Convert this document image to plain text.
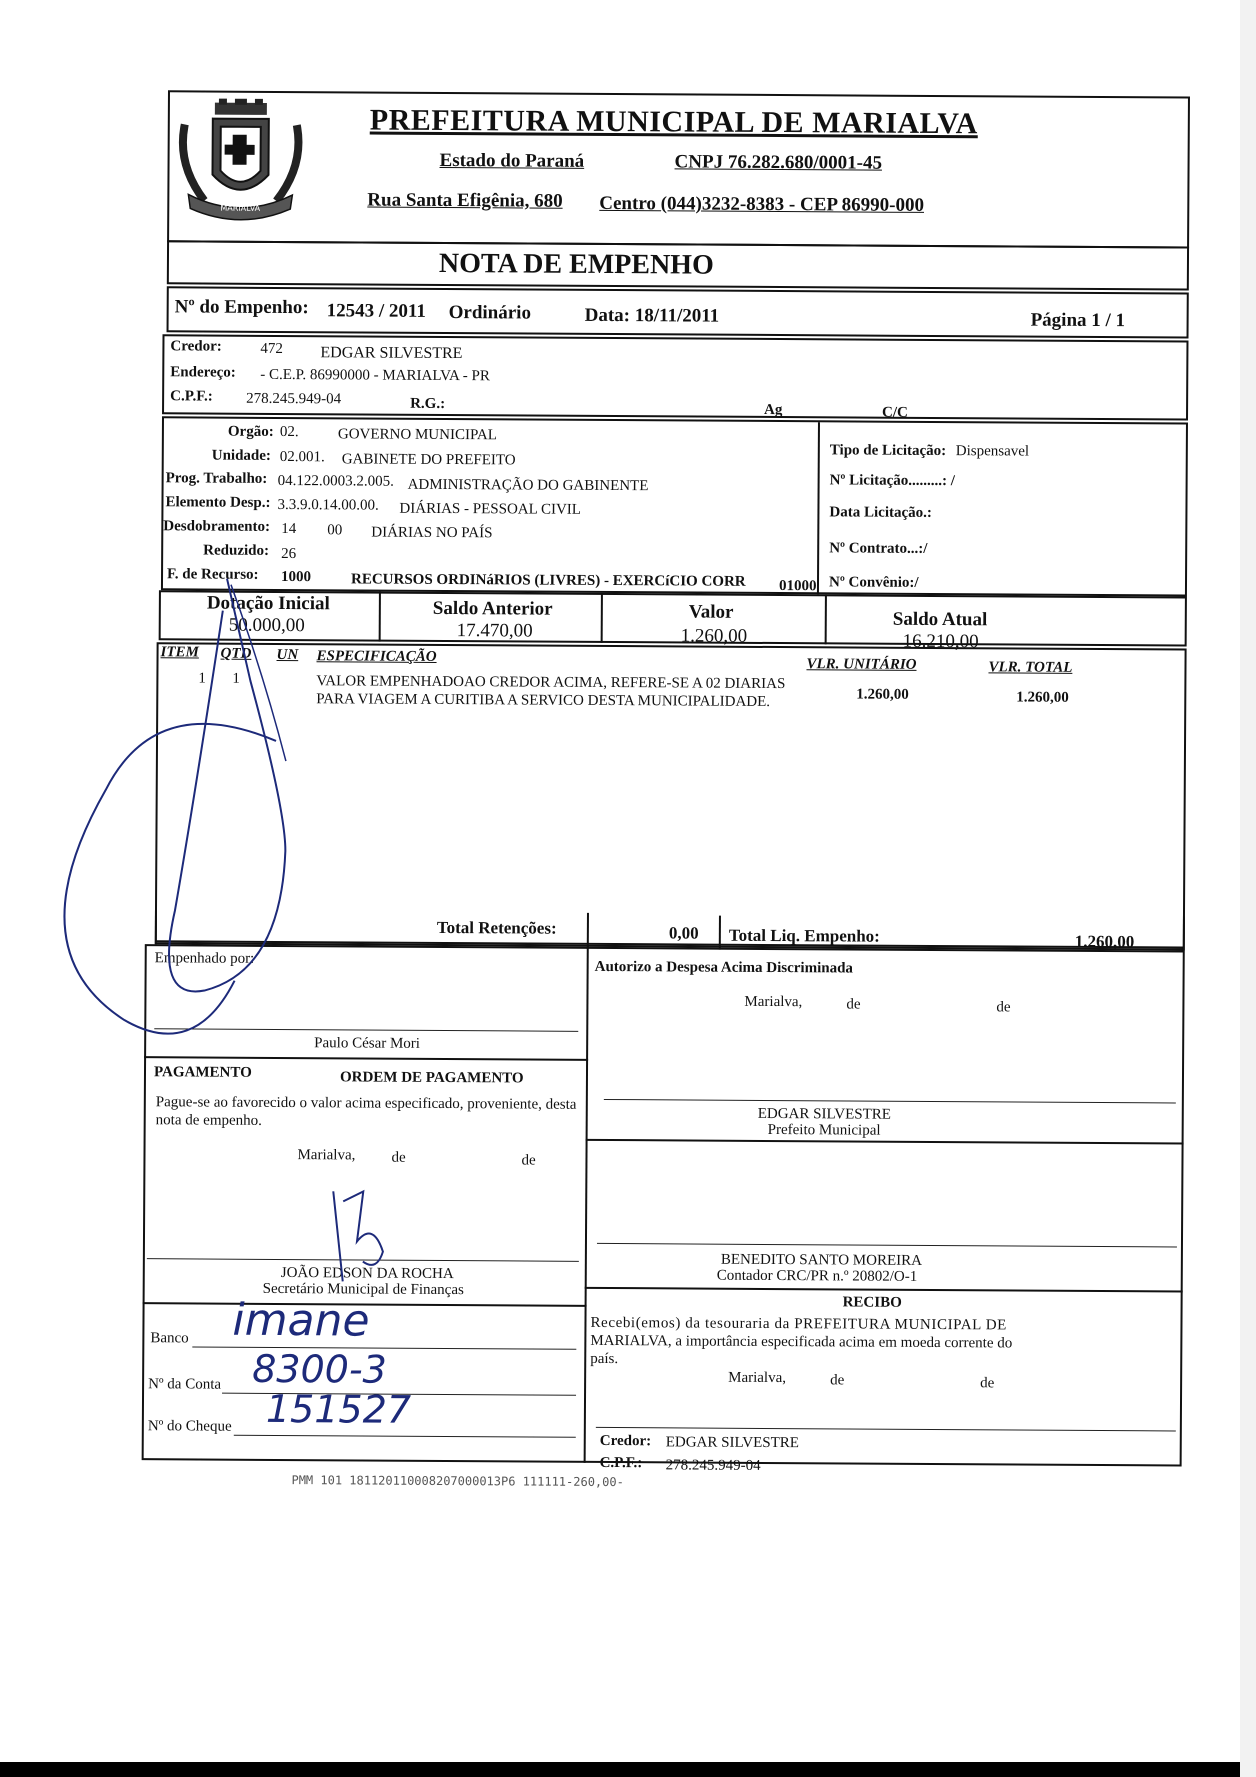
MARIALVA
PREFEITURA MUNICIPAL DE MARIALVA
Estado do Paraná	CNPJ 76.282.680/0001-45
Rua Santa Efigênia, 680 Centro (044)3232-8383 - CEP 86990-000
NOTA DE EMPENHO
Nº do Empenho: 12543 / 2011 Ordinário	Data: 18/11/2011	Página 1 / 1
Credor:	472 EDGAR SILVESTRE
Endereço: - C.E.P. 86990000 - MARIALVA - PR
C.P.F.: 278.245.949-04	R.G.:	Ag	C/C
Orgão: 02.	GOVERNO MUNICIPAL
Unidade: 02.001. GABINETE DO PREFEITO
Prog. Trabalho: 04.122.0003.2.005. ADMINISTRAÇÃO DO GABINENTE
Elemento Desp.: 3.3.9.0.14.00.00. DIÁRIAS - PESSOAL CIVIL
Desdobramento: 14 00 DIÁRIAS NO PAÍS
Reduzido: 26
F. de Recurso: 1000	RECURSOS ORDINáRIOS (LIVRES) - EXERCíCIO CORR 01000
Tipo de Licitação: Dispensavel
Nº Licitação.........: /
Data Licitação.:
Nº Contrato...:/
Nº Convênio:/
Dotação Inicial
50.000,00
Saldo Anterior
17.470,00
Valor
1.260,00
Saldo Atual
16.210,00
ITEM QTD UN ESPECIFICAÇÃO	VLR. UNITÁRIO	VLR. TOTAL
1 1	VALOR EMPENHADOAO CREDOR ACIMA, REFERE-SE A 02 DIARIAS
PARA VIAGEM A CURITIBA A SERVICO DESTA MUNICIPALIDADE.	1.260,00	1.260,00
Total Retenções:	0,00 Total Liq. Empenho:	1.260,00
Empenhado por:
Paulo César Mori
Autorizo a Despesa Acima Discriminada
Marialva,	de	de
EDGAR SILVESTRE
Prefeito Municipal
PAGAMENTO	ORDEM DE PAGAMENTO
Pague-se ao favorecido o valor acima especificado, proveniente, desta
nota de empenho.
Marialva, de	de
JOÃO EDSON DA ROCHA
Secretário Municipal de Finanças
BENEDITO SANTO MOREIRA
Contador CRC/PR n.º 20802/O-1
RECIBO
Recebi(emos) da tesouraria da PREFEITURA MUNICIPAL DE
MARIALVA, a importância especificada acima em moeda corrente do
país.
Marialva,	de	de
Credor: EDGAR SILVESTRE
C.P.F.: 278.245.949-04
Banco imane
Nº da Conta 8300-3
Nº do Cheque 151527
PMM 101 181120110008207000013P6 111111-260,00-
